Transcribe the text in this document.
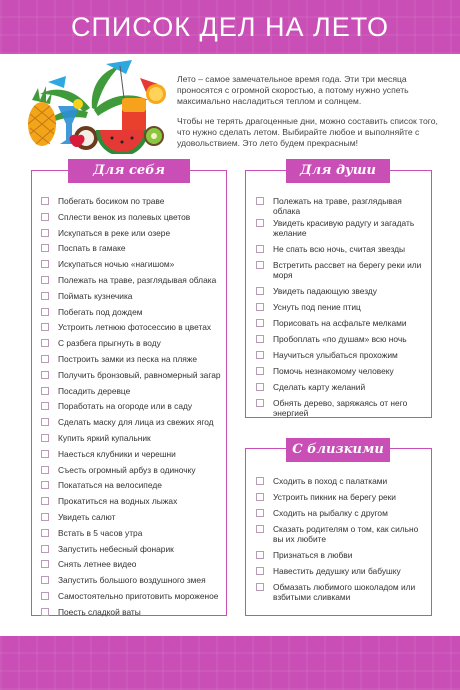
СПИСОК ДЕЛ НА ЛЕТО

Лето – самое замечательное время года. Эти три месяца проносятся с огромной скоростью, а потому нужно успеть максимально насладиться теплом и солнцем.

Чтобы не терять драгоценные дни, можно составить список того, что нужно сделать летом. Выбирайте любое и выполняйте с удовольствием. Это лето будем прекрасным!

Для себя
Побегать босиком по траве
Сплести венок из полевых цветов
Искупаться в реке или озере
Поспать в гамаке
Искупаться ночью «нагишом»
Полежать на траве, разглядывая облака
Поймать кузнечика
Побегать под дождем
Устроить летнюю фотосессию в цветах
С разбега прыгнуть в воду
Построить замки из песка на пляже
Получить бронзовый, равномерный загар
Посадить деревце
Поработать на огороде или в саду
Сделать маску для лица из свежих ягод
Купить яркий купальник
Наесться клубники и черешни
Съесть огромный арбуз в одиночку
Покататься на велосипеде
Прокатиться на водных лыжах
Увидеть салют
Встать в 5 часов утра
Запустить небесный фонарик
Снять летнее видео
Запустить большого воздушного змея
Самостоятельно приготовить мороженое
Поесть сладкой ваты
Для души
Полежать на траве, разглядывая облака
Увидеть красивую радугу и загадать желание
Не спать всю ночь, считая звезды
Встретить рассвет на берегу реки или моря
Увидеть падающую звезду
Уснуть под пение птиц
Порисовать на асфальте мелками
Пробоплать «по душам» всю ночь
Научиться улыбаться прохожим
Помочь незнакомому человеку
Сделать карту желаний
Обнять дерево, заряжаясь от него энергией
С близкими
Сходить в поход с палатками
Устроить пикник на берегу реки
Сходить на рыбалку с другом
Сказать родителям о том, как сильно вы их любите
Признаться в любви
Навестить дедушку или бабушку
Обмазать любимого шоколадом или взбитыми сливками
